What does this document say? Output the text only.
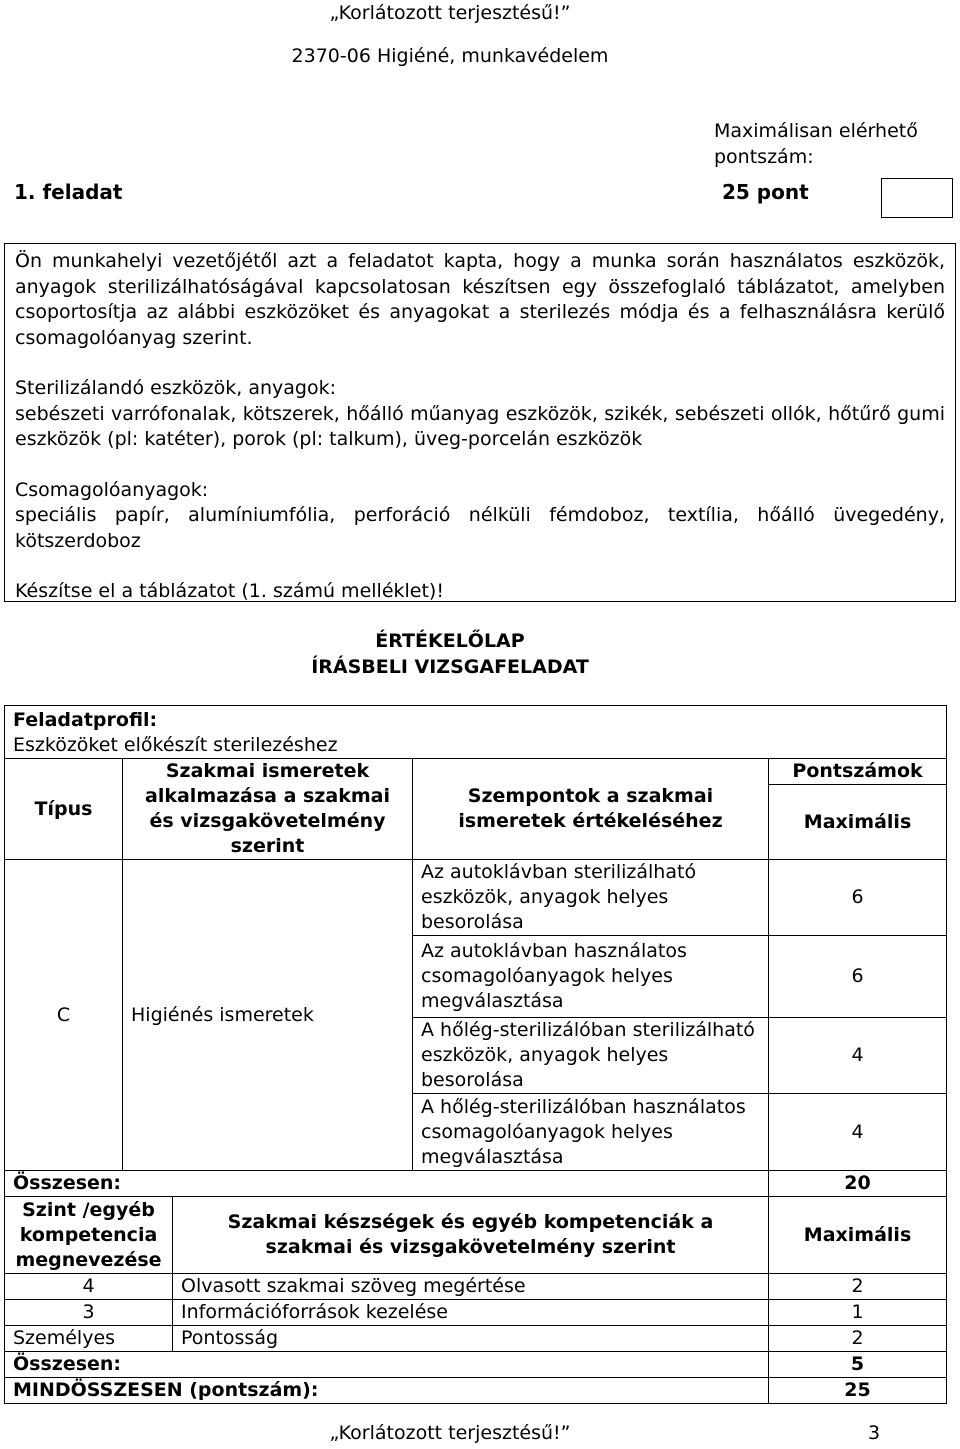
„Korlátozott terjesztésű!”
2370-06 Higiéné, munkavédelem
Maximálisan elérhető
pontszám:
1. feladat	25 pont

Ön munkahelyi vezetőjétől azt a feladatot kapta, hogy a munka során használatos eszközök, anyagok sterilizálhatóságával kapcsolatosan készítsen egy összefoglaló táblázatot, amelyben csoportosítja az alábbi eszközöket és anyagokat a sterilezés módja és a felhasználásra kerülő csomagolóanyag szerint.

Sterilizálandó eszközök, anyagok:

sebészeti varrófonalak, kötszerek, hőálló műanyag eszközök, szikék, sebészeti ollók, hőtűrő gumi eszközök (pl: katéter), porok (pl: talkum), üveg-porcelán eszközök

Csomagolóanyagok:

speciális papír, alumíniumfólia, perforáció nélküli fémdoboz, textília, hőálló üvegedény, kötszerdoboz

Készítse el a táblázatot (1. számú melléklet)!

ÉRTÉKELŐLAP
ÍRÁSBELI VIZSGAFELADAT
Feladatprofil:
Eszközöket előkészít sterilezéshez				

Típus	Szakmai ismeretek alkalmazása a szakmai és vizsgakövetelmény szerint		Szempontok a szakmai ismeretek értékeléséhez	Pontszámok
				Maximális
C	Higiénés ismeretek		Az autoklávban sterilizálható eszközök, anyagok helyes besorolása	6
			Az autoklávban használatos csomagolóanyagok helyes megválasztása	6
			A hőlég-sterilizálóban sterilizálható eszközök, anyagok helyes besorolása	4
			A hőlég-sterilizálóban használatos csomagolóanyagok helyes megválasztása	4
Összesen:				20
Szint /egyéb kompetencia megnevezése		Szakmai készségek és egyéb kompetenciák a szakmai és vizsgakövetelmény szerint		Maximális
4		Olvasott szakmai szöveg megértése		2
3		Információforrások kezelése		1
Személyes		Pontosság		2
Összesen:				5
MINDÖSSZESEN (pontszám):				25
„Korlátozott terjesztésű!”	3
